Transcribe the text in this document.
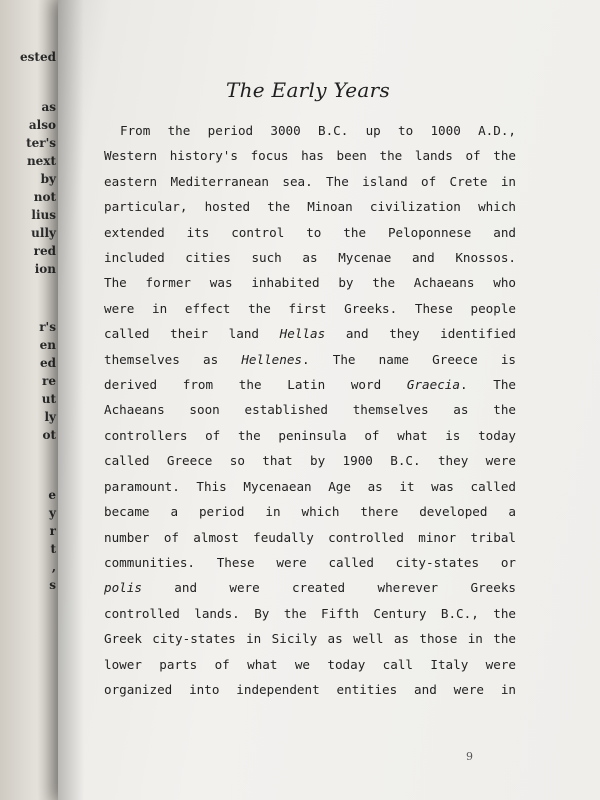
ested
as
also
ter's
next
by
not
lius
ully
red
ion
r's
en
ed
re
ut
ly
ot
e
y
r
t
,
s
The Early Years
From the period 3000 B.C. up to 1000 A.D.,
Western history's focus has been the lands of the
eastern Mediterranean sea. The island of Crete in
particular, hosted the Minoan civilization which
extended its control to the Peloponnese and
included cities such as Mycenae and Knossos.
The former was inhabited by the Achaeans who
were in effect the first Greeks. These people
called their land Hellas and they identified
themselves as Hellenes. The name Greece is
derived from the Latin word Graecia. The
Achaeans soon established themselves as the
controllers of the peninsula of what is today
called Greece so that by 1900 B.C. they were
paramount. This Mycenaean Age as it was called
became a period in which there developed a
number of almost feudally controlled minor tribal
communities. These were called city-states or
polis and were created wherever Greeks
controlled lands. By the Fifth Century B.C., the
Greek city-states in Sicily as well as those in the
lower parts of what we today call Italy were
organized into independent entities and were in
9
